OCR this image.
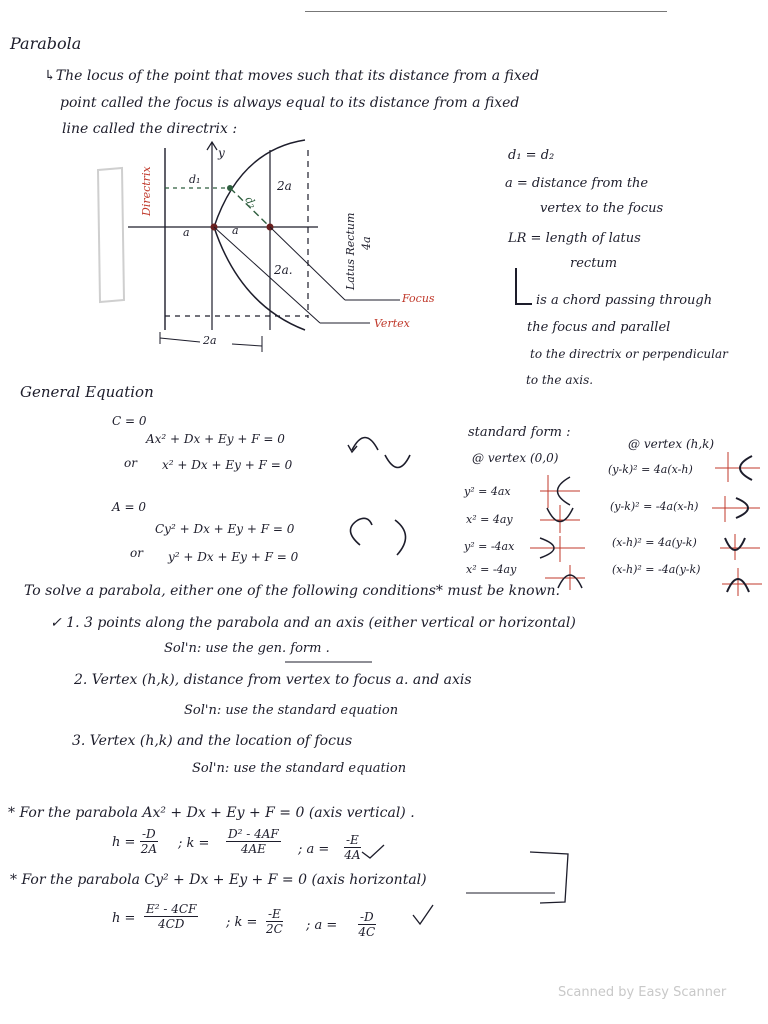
Parabola
↳The locus of the point that moves such that its distance from a fixed
point called the focus is always equal to its distance from a fixed
line called the directrix :
Directrix
y
d₁
d₂
a	a
2a
2a.	Latus Rectum 4a
Focus
Vertex
2a
d₁ = d₂
a = distance from the
vertex to the focus
LR = length of latus
rectum
is a chord passing through
the focus and parallel
to the directrix or perpendicular
to the axis.
General Equation
C = 0
Ax² + Dx + Ey + F = 0
or x² + Dx + Ey + F = 0
A = 0
Cy² + Dx + Ey + F = 0
or y² + Dx + Ey + F = 0
standard form :
@ vertex (0,0)
@ vertex (h,k)
y² = 4ax
x² = 4ay
y² = -4ax
x² = -4ay
(y-k)² = 4a(x-h)
(y-k)² = -4a(x-h)
(x-h)² = 4a(y-k)
(x-h)² = -4a(y-k)
To solve a parabola, either one of the following conditions* must be known.
✓ 1. 3 points along the parabola and an axis (either vertical or horizontal)
Sol'n: use the gen. form .
2. Vertex (h,k), distance from vertex to focus a. and axis
Sol'n: use the standard equation
3. Vertex (h,k) and the location of focus
Sol'n: use the standard equation
* For the parabola Ax² + Dx + Ey + F = 0 (axis vertical) .
$h = \frac{-D}{2A}$ ; $k = \frac{\text{D² - 4AF}}{4AE}$ ; $a = \frac{-E}{4A}$
* For the parabola Cy² + Dx + Ey + F = 0 (axis horizontal)
$h = \frac{\text{E² - 4CF}}{4CD}$ ; $k = \frac{-E}{2C}$ ; $a = \frac{-D}{4C}$
Scanned by Easy Scanner
